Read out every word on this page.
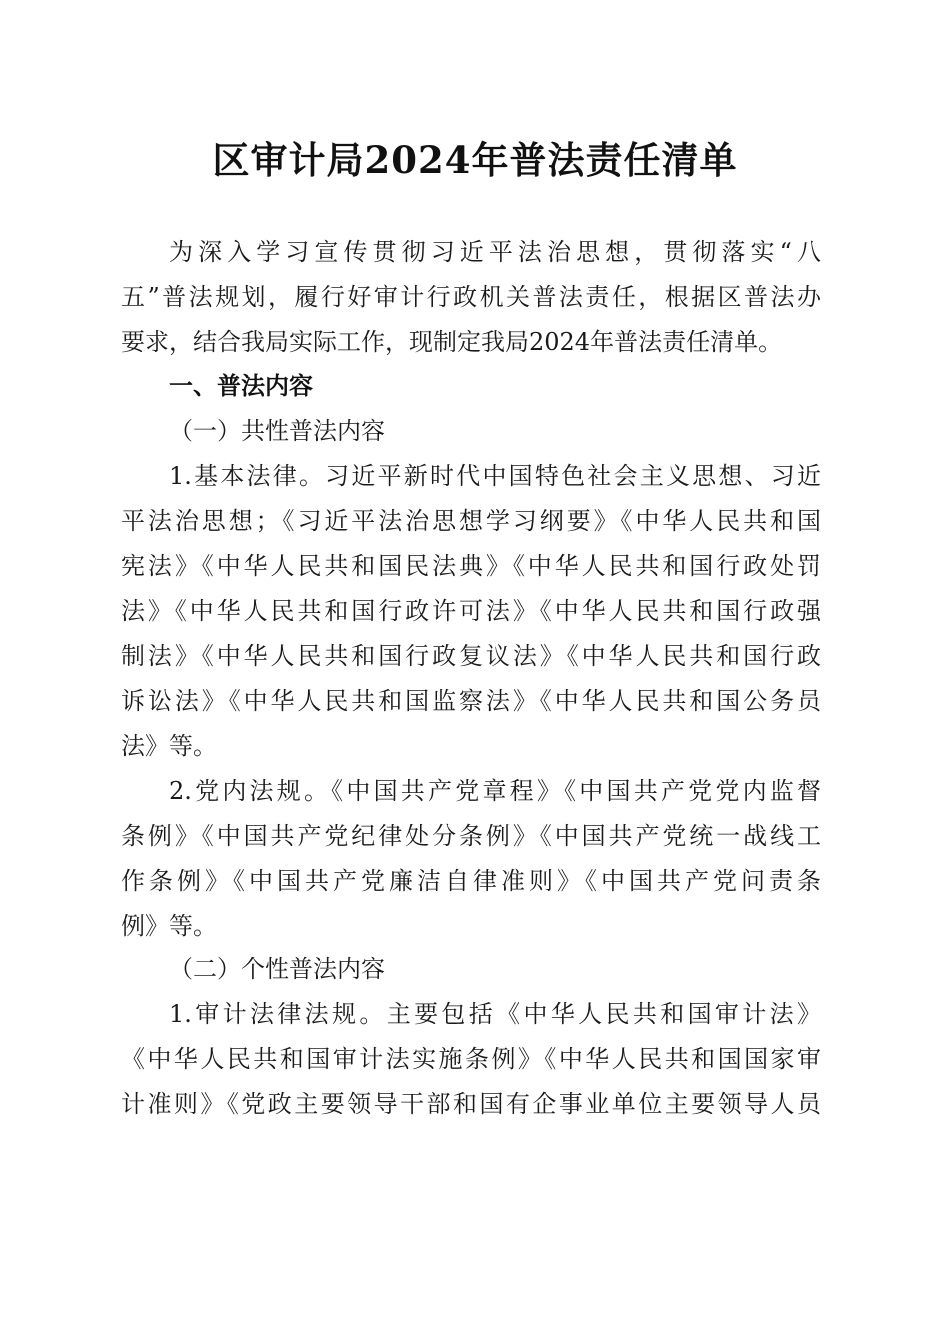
区审计局2024年普法责任清单
为深入学习宣传贯彻习近平法治思想，贯彻落实“八
五”普法规划，履行好审计行政机关普法责任，根据区普法办
要求，结合我局实际工作，现制定我局2024年普法责任清单。
一、普法内容
（一）共性普法内容
1.基本法律。习近平新时代中国特色社会主义思想、习近
平法治思想；《习近平法治思想学习纲要》《中华人民共和国
宪法》《中华人民共和国民法典》《中华人民共和国行政处罚
法》《中华人民共和国行政许可法》《中华人民共和国行政强
制法》《中华人民共和国行政复议法》《中华人民共和国行政
诉讼法》《中华人民共和国监察法》《中华人民共和国公务员
法》等。
2.党内法规。《中国共产党章程》《中国共产党党内监督
条例》《中国共产党纪律处分条例》《中国共产党统一战线工
作条例》《中国共产党廉洁自律准则》《中国共产党问责条
例》等。
（二）个性普法内容
1.审计法律法规。主要包括《中华人民共和国审计法》
《中华人民共和国审计法实施条例》《中华人民共和国国家审
计准则》《党政主要领导干部和国有企事业单位主要领导人员
